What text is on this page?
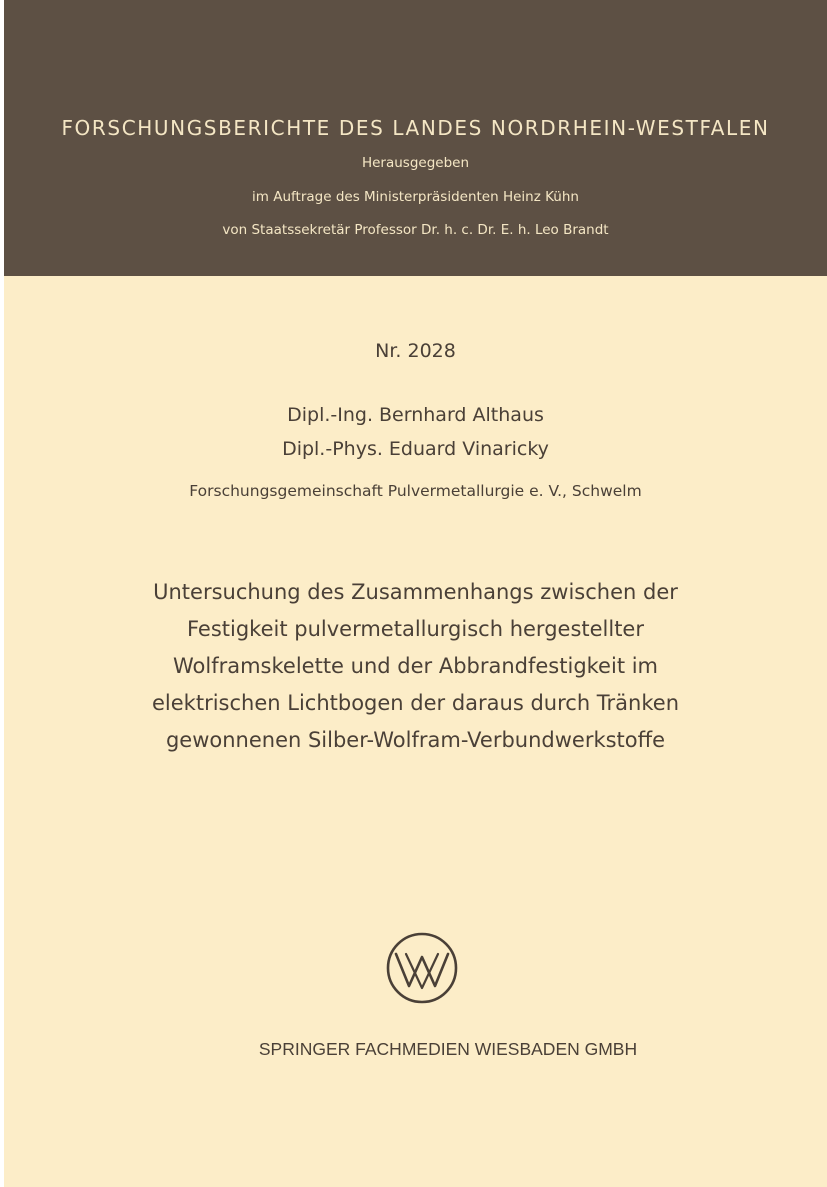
FORSCHUNGSBERICHTE DES LANDES NORDRHEIN-WESTFALEN
Herausgegeben
im Auftrage des Ministerpräsidenten Heinz Kühn
von Staatssekretär Professor Dr. h. c. Dr. E. h. Leo Brandt
Nr. 2028
Dipl.-Ing. Bernhard Althaus
Dipl.-Phys. Eduard Vinaricky
Forschungsgemeinschaft Pulvermetallurgie e. V., Schwelm
Untersuchung des Zusammenhangs zwischen der
Festigkeit pulvermetallurgisch hergestellter
Wolframskelette und der Abbrandfestigkeit im
elektrischen Lichtbogen der daraus durch Tränken
gewonnenen Silber-Wolfram-Verbundwerkstoffe
SPRINGER FACHMEDIEN WIESBADEN GMBH
